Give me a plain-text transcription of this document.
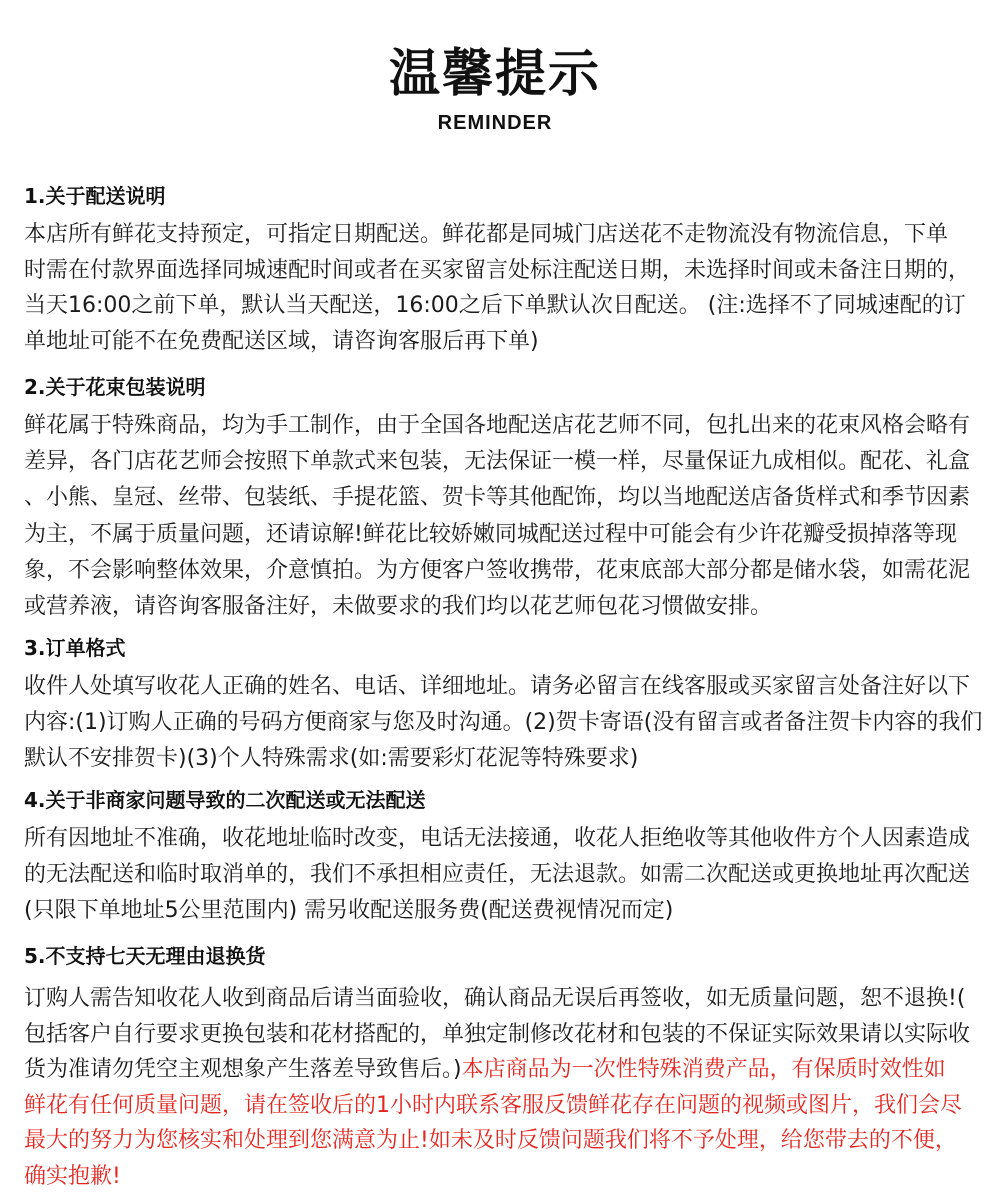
温馨提示
REMINDER
1.关于配送说明
本店所有鲜花支持预定，可指定日期配送。鲜花都是同城门店送花不走物流没有物流信息，下单
时需在付款界面选择同城速配时间或者在买家留言处标注配送日期，未选择时间或未备注日期的，
当天16:00之前下单，默认当天配送，16:00之后下单默认次日配送。 (注:选择不了同城速配的订
单地址可能不在免费配送区域，请咨询客服后再下单)
2.关于花束包装说明
鲜花属于特殊商品，均为手工制作，由于全国各地配送店花艺师不同，包扎出来的花束风格会略有
差异，各门店花艺师会按照下单款式来包装，无法保证一模一样，尽量保证九成相似。配花、礼盒
、小熊、皇冠、丝带、包装纸、手提花篮、贺卡等其他配饰，均以当地配送店备货样式和季节因素
为主，不属于质量问题，还请谅解!鲜花比较娇嫩同城配送过程中可能会有少许花瓣受损掉落等现
象，不会影响整体效果，介意慎拍。为方便客户签收携带，花束底部大部分都是储水袋，如需花泥
或营养液，请咨询客服备注好，未做要求的我们均以花艺师包花习惯做安排。
3.订单格式
收件人处填写收花人正确的姓名、电话、详细地址。请务必留言在线客服或买家留言处备注好以下
内容:(1)订购人正确的号码方便商家与您及时沟通。(2)贺卡寄语(没有留言或者备注贺卡内容的我们
默认不安排贺卡)(3)个人特殊需求(如:需要彩灯花泥等特殊要求)
4.关于非商家问题导致的二次配送或无法配送
所有因地址不准确，收花地址临时改变，电话无法接通，收花人拒绝收等其他收件方个人因素造成
的无法配送和临时取消单的，我们不承担相应责任，无法退款。如需二次配送或更换地址再次配送
(只限下单地址5公里范围内) 需另收配送服务费(配送费视情况而定)
5.不支持七天无理由退换货
订购人需告知收花人收到商品后请当面验收，确认商品无误后再签收，如无质量问题，恕不退换!(
包括客户自行要求更换包装和花材搭配的，单独定制修改花材和包装的不保证实际效果请以实际收
货为准请勿凭空主观想象产生落差导致售后。)本店商品为一次性特殊消费产品，有保质时效性如
鲜花有任何质量问题，请在签收后的1小时内联系客服反馈鲜花存在问题的视频或图片，我们会尽
最大的努力为您核实和处理到您满意为止!如未及时反馈问题我们将不予处理，给您带去的不便，
确实抱歉!
